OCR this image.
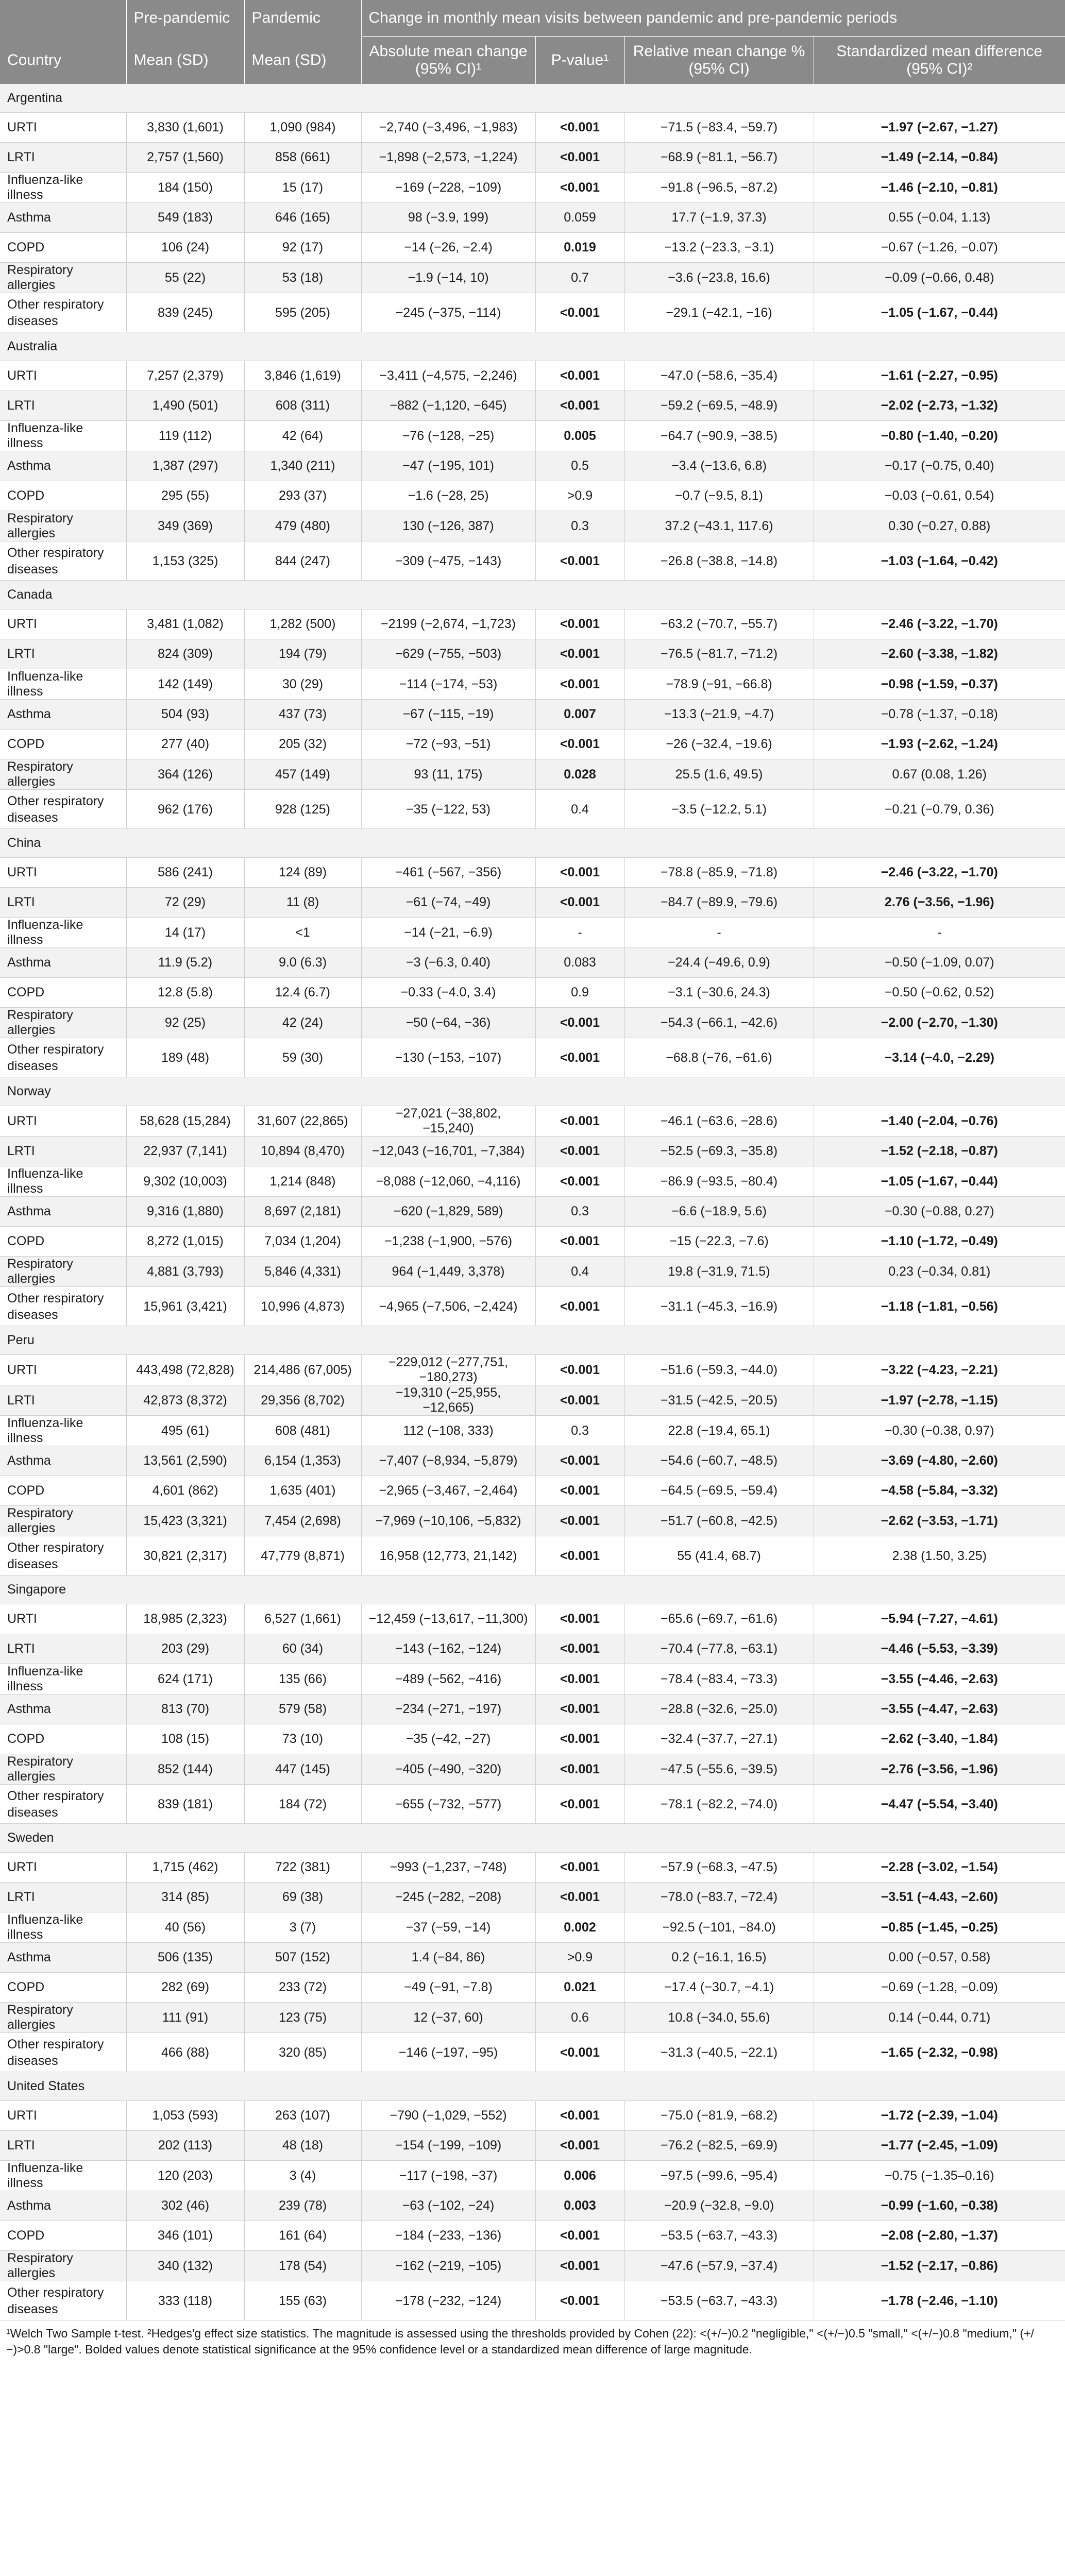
	Pre-pandemic	Pandemic	Change in monthly mean visits between pandemic and pre-pandemic periods			
Country	Mean (SD)	Mean (SD)	Absolute mean change (95% CI)¹	P-value¹	Relative mean change % (95% CI)	Standardized mean difference (95% CI)²
Argentina						
URTI	3,830 (1,601)	1,090 (984)	−2,740 (−3,496, −1,983)	<0.001	−71.5 (−83.4, −59.7)	−1.97 (−2.67, −1.27)
LRTI	2,757 (1,560)	858 (661)	−1,898 (−2,573, −1,224)	<0.001	−68.9 (−81.1, −56.7)	−1.49 (−2.14, −0.84)
Influenza-like illness	184 (150)	15 (17)	−169 (−228, −109)	<0.001	−91.8 (−96.5, −87.2)	−1.46 (−2.10, −0.81)
Asthma	549 (183)	646 (165)	98 (−3.9, 199)	0.059	17.7 (−1.9, 37.3)	0.55 (−0.04, 1.13)
COPD	106 (24)	92 (17)	−14 (−26, −2.4)	0.019	−13.2 (−23.3, −3.1)	−0.67 (−1.26, −0.07)
Respiratory allergies	55 (22)	53 (18)	−1.9 (−14, 10)	0.7	−3.6 (−23.8, 16.6)	−0.09 (−0.66, 0.48)
Other respiratory diseases	839 (245)	595 (205)	−245 (−375, −114)	<0.001	−29.1 (−42.1, −16)	−1.05 (−1.67, −0.44)
Australia						
URTI	7,257 (2,379)	3,846 (1,619)	−3,411 (−4,575, −2,246)	<0.001	−47.0 (−58.6, −35.4)	−1.61 (−2.27, −0.95)
LRTI	1,490 (501)	608 (311)	−882 (−1,120, −645)	<0.001	−59.2 (−69.5, −48.9)	−2.02 (−2.73, −1.32)
Influenza-like illness	119 (112)	42 (64)	−76 (−128, −25)	0.005	−64.7 (−90.9, −38.5)	−0.80 (−1.40, −0.20)
Asthma	1,387 (297)	1,340 (211)	−47 (−195, 101)	0.5	−3.4 (−13.6, 6.8)	−0.17 (−0.75, 0.40)
COPD	295 (55)	293 (37)	−1.6 (−28, 25)	>0.9	−0.7 (−9.5, 8.1)	−0.03 (−0.61, 0.54)
Respiratory allergies	349 (369)	479 (480)	130 (−126, 387)	0.3	37.2 (−43.1, 117.6)	0.30 (−0.27, 0.88)
Other respiratory diseases	1,153 (325)	844 (247)	−309 (−475, −143)	<0.001	−26.8 (−38.8, −14.8)	−1.03 (−1.64, −0.42)
Canada						
URTI	3,481 (1,082)	1,282 (500)	−2199 (−2,674, −1,723)	<0.001	−63.2 (−70.7, −55.7)	−2.46 (−3.22, −1.70)
LRTI	824 (309)	194 (79)	−629 (−755, −503)	<0.001	−76.5 (−81.7, −71.2)	−2.60 (−3.38, −1.82)
Influenza-like illness	142 (149)	30 (29)	−114 (−174, −53)	<0.001	−78.9 (−91, −66.8)	−0.98 (−1.59, −0.37)
Asthma	504 (93)	437 (73)	−67 (−115, −19)	0.007	−13.3 (−21.9, −4.7)	−0.78 (−1.37, −0.18)
COPD	277 (40)	205 (32)	−72 (−93, −51)	<0.001	−26 (−32.4, −19.6)	−1.93 (−2.62, −1.24)
Respiratory allergies	364 (126)	457 (149)	93 (11, 175)	0.028	25.5 (1.6, 49.5)	0.67 (0.08, 1.26)
Other respiratory diseases	962 (176)	928 (125)	−35 (−122, 53)	0.4	−3.5 (−12.2, 5.1)	−0.21 (−0.79, 0.36)
China						
URTI	586 (241)	124 (89)	−461 (−567, −356)	<0.001	−78.8 (−85.9, −71.8)	−2.46 (−3.22, −1.70)
LRTI	72 (29)	11 (8)	−61 (−74, −49)	<0.001	−84.7 (−89.9, −79.6)	2.76 (−3.56, −1.96)
Influenza-like illness	14 (17)	<1	−14 (−21, −6.9)	-	-	-
Asthma	11.9 (5.2)	9.0 (6.3)	−3 (−6.3, 0.40)	0.083	−24.4 (−49.6, 0.9)	−0.50 (−1.09, 0.07)
COPD	12.8 (5.8)	12.4 (6.7)	−0.33 (−4.0, 3.4)	0.9	−3.1 (−30.6, 24.3)	−0.50 (−0.62, 0.52)
Respiratory allergies	92 (25)	42 (24)	−50 (−64, −36)	<0.001	−54.3 (−66.1, −42.6)	−2.00 (−2.70, −1.30)
Other respiratory diseases	189 (48)	59 (30)	−130 (−153, −107)	<0.001	−68.8 (−76, −61.6)	−3.14 (−4.0, −2.29)
Norway						
URTI	58,628 (15,284)	31,607 (22,865)	−27,021 (−38,802, −15,240)	<0.001	−46.1 (−63.6, −28.6)	−1.40 (−2.04, −0.76)
LRTI	22,937 (7,141)	10,894 (8,470)	−12,043 (−16,701, −7,384)	<0.001	−52.5 (−69.3, −35.8)	−1.52 (−2.18, −0.87)
Influenza-like illness	9,302 (10,003)	1,214 (848)	−8,088 (−12,060, −4,116)	<0.001	−86.9 (−93.5, −80.4)	−1.05 (−1.67, −0.44)
Asthma	9,316 (1,880)	8,697 (2,181)	−620 (−1,829, 589)	0.3	−6.6 (−18.9, 5.6)	−0.30 (−0.88, 0.27)
COPD	8,272 (1,015)	7,034 (1,204)	−1,238 (−1,900, −576)	<0.001	−15 (−22.3, −7.6)	−1.10 (−1.72, −0.49)
Respiratory allergies	4,881 (3,793)	5,846 (4,331)	964 (−1,449, 3,378)	0.4	19.8 (−31.9, 71.5)	0.23 (−0.34, 0.81)
Other respiratory diseases	15,961 (3,421)	10,996 (4,873)	−4,965 (−7,506, −2,424)	<0.001	−31.1 (−45.3, −16.9)	−1.18 (−1.81, −0.56)
Peru						
URTI	443,498 (72,828)	214,486 (67,005)	−229,012 (−277,751, −180,273)	<0.001	−51.6 (−59.3, −44.0)	−3.22 (−4.23, −2.21)
LRTI	42,873 (8,372)	29,356 (8,702)	−19,310 (−25,955, −12,665)	<0.001	−31.5 (−42.5, −20.5)	−1.97 (−2.78, −1.15)
Influenza-like illness	495 (61)	608 (481)	112 (−108, 333)	0.3	22.8 (−19.4, 65.1)	−0.30 (−0.38, 0.97)
Asthma	13,561 (2,590)	6,154 (1,353)	−7,407 (−8,934, −5,879)	<0.001	−54.6 (−60.7, −48.5)	−3.69 (−4.80, −2.60)
COPD	4,601 (862)	1,635 (401)	−2,965 (−3,467, −2,464)	<0.001	−64.5 (−69.5, −59.4)	−4.58 (−5.84, −3.32)
Respiratory allergies	15,423 (3,321)	7,454 (2,698)	−7,969 (−10,106, −5,832)	<0.001	−51.7 (−60.8, −42.5)	−2.62 (−3.53, −1.71)
Other respiratory diseases	30,821 (2,317)	47,779 (8,871)	16,958 (12,773, 21,142)	<0.001	55 (41.4, 68.7)	2.38 (1.50, 3.25)
Singapore						
URTI	18,985 (2,323)	6,527 (1,661)	−12,459 (−13,617, −11,300)	<0.001	−65.6 (−69.7, −61.6)	−5.94 (−7.27, −4.61)
LRTI	203 (29)	60 (34)	−143 (−162, −124)	<0.001	−70.4 (−77.8, −63.1)	−4.46 (−5.53, −3.39)
Influenza-like illness	624 (171)	135 (66)	−489 (−562, −416)	<0.001	−78.4 (−83.4, −73.3)	−3.55 (−4.46, −2.63)
Asthma	813 (70)	579 (58)	−234 (−271, −197)	<0.001	−28.8 (−32.6, −25.0)	−3.55 (−4.47, −2.63)
COPD	108 (15)	73 (10)	−35 (−42, −27)	<0.001	−32.4 (−37.7, −27.1)	−2.62 (−3.40, −1.84)
Respiratory allergies	852 (144)	447 (145)	−405 (−490, −320)	<0.001	−47.5 (−55.6, −39.5)	−2.76 (−3.56, −1.96)
Other respiratory diseases	839 (181)	184 (72)	−655 (−732, −577)	<0.001	−78.1 (−82.2, −74.0)	−4.47 (−5.54, −3.40)
Sweden						
URTI	1,715 (462)	722 (381)	−993 (−1,237, −748)	<0.001	−57.9 (−68.3, −47.5)	−2.28 (−3.02, −1.54)
LRTI	314 (85)	69 (38)	−245 (−282, −208)	<0.001	−78.0 (−83.7, −72.4)	−3.51 (−4.43, −2.60)
Influenza-like illness	40 (56)	3 (7)	−37 (−59, −14)	0.002	−92.5 (−101, −84.0)	−0.85 (−1.45, −0.25)
Asthma	506 (135)	507 (152)	1.4 (−84, 86)	>0.9	0.2 (−16.1, 16.5)	0.00 (−0.57, 0.58)
COPD	282 (69)	233 (72)	−49 (−91, −7.8)	0.021	−17.4 (−30.7, −4.1)	−0.69 (−1.28, −0.09)
Respiratory allergies	111 (91)	123 (75)	12 (−37, 60)	0.6	10.8 (−34.0, 55.6)	0.14 (−0.44, 0.71)
Other respiratory diseases	466 (88)	320 (85)	−146 (−197, −95)	<0.001	−31.3 (−40.5, −22.1)	−1.65 (−2.32, −0.98)
United States						
URTI	1,053 (593)	263 (107)	−790 (−1,029, −552)	<0.001	−75.0 (−81.9, −68.2)	−1.72 (−2.39, −1.04)
LRTI	202 (113)	48 (18)	−154 (−199, −109)	<0.001	−76.2 (−82.5, −69.9)	−1.77 (−2.45, −1.09)
Influenza-like illness	120 (203)	3 (4)	−117 (−198, −37)	0.006	−97.5 (−99.6, −95.4)	−0.75 (−1.35–0.16)
Asthma	302 (46)	239 (78)	−63 (−102, −24)	0.003	−20.9 (−32.8, −9.0)	−0.99 (−1.60, −0.38)
COPD	346 (101)	161 (64)	−184 (−233, −136)	<0.001	−53.5 (−63.7, −43.3)	−2.08 (−2.80, −1.37)
Respiratory allergies	340 (132)	178 (54)	−162 (−219, −105)	<0.001	−47.6 (−57.9, −37.4)	−1.52 (−2.17, −0.86)
Other respiratory diseases	333 (118)	155 (63)	−178 (−232, −124)	<0.001	−53.5 (−63.7, −43.3)	−1.78 (−2.46, −1.10)
¹Welch Two Sample t-test. ²Hedges'g effect size statistics. The magnitude is assessed using the thresholds provided by Cohen (22): <(+/−)0.2 "negligible," <(+/−)0.5 "small," <(+/−)0.8 "medium," (+/−)>0.8 "large". Bolded values denote statistical significance at the 95% confidence level or a standardized mean difference of large magnitude.
